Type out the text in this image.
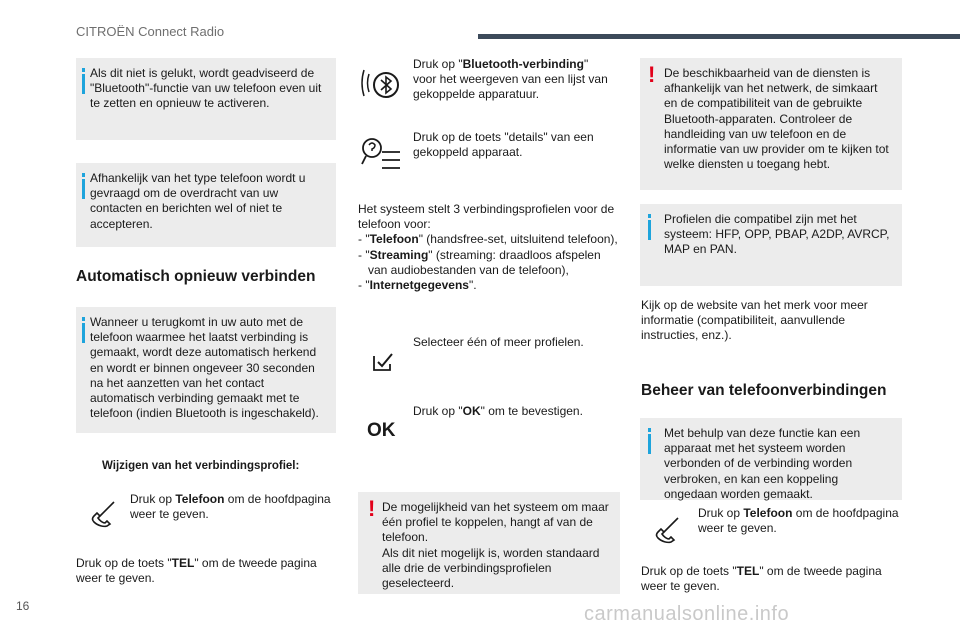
CITROËN Connect Radio
Als dit niet is gelukt, wordt geadviseerd de "Bluetooth"-functie van uw telefoon even uit te zetten en opnieuw te activeren.
Afhankelijk van het type telefoon wordt u gevraagd om de overdracht van uw contacten en berichten wel of niet te accepteren.
Automatisch opnieuw verbinden
Wanneer u terugkomt in uw auto met de telefoon waarmee het laatst verbinding is gemaakt, wordt deze automatisch herkend en wordt er binnen ongeveer 30 seconden na het aanzetten van het contact automatisch verbinding gemaakt met te telefoon (indien Bluetooth is ingeschakeld).
Wijzigen van het verbindingsprofiel:
Druk op Telefoon om de hoofdpagina weer te geven.
Druk op de toets "TEL" om de tweede pagina weer te geven.
Druk op "Bluetooth-verbinding" voor het weergeven van een lijst van gekoppelde apparatuur.
Druk op de toets "details" van een gekoppeld apparaat.
Het systeem stelt 3 verbindingsprofielen voor de telefoon voor:
- "Telefoon" (handsfree-set, uitsluitend telefoon),
- "Streaming" (streaming: draadloos afspelen van audiobestanden van de telefoon),
- "Internetgegevens".
Selecteer één of meer profielen.
OK
Druk op "OK" om te bevestigen.
! De mogelijkheid van het systeem om maar één profiel te koppelen, hangt af van de telefoon.
Als dit niet mogelijk is, worden standaard alle drie de verbindingsprofielen geselecteerd.
! De beschikbaarheid van de diensten is afhankelijk van het netwerk, de simkaart en de compatibiliteit van de gebruikte Bluetooth-apparaten. Controleer de handleiding van uw telefoon en de informatie van uw provider om te kijken tot welke diensten u toegang hebt.
Profielen die compatibel zijn met het systeem: HFP, OPP, PBAP, A2DP, AVRCP, MAP en PAN.
Kijk op de website van het merk voor meer informatie (compatibiliteit, aanvullende instructies, enz.).
Beheer van telefoonverbindingen
Met behulp van deze functie kan een apparaat met het systeem worden verbonden of de verbinding worden verbroken, en kan een koppeling ongedaan worden gemaakt.
Druk op Telefoon om de hoofdpagina weer te geven.
Druk op de toets "TEL" om de tweede pagina weer te geven.
16	carmanualsonline.info
